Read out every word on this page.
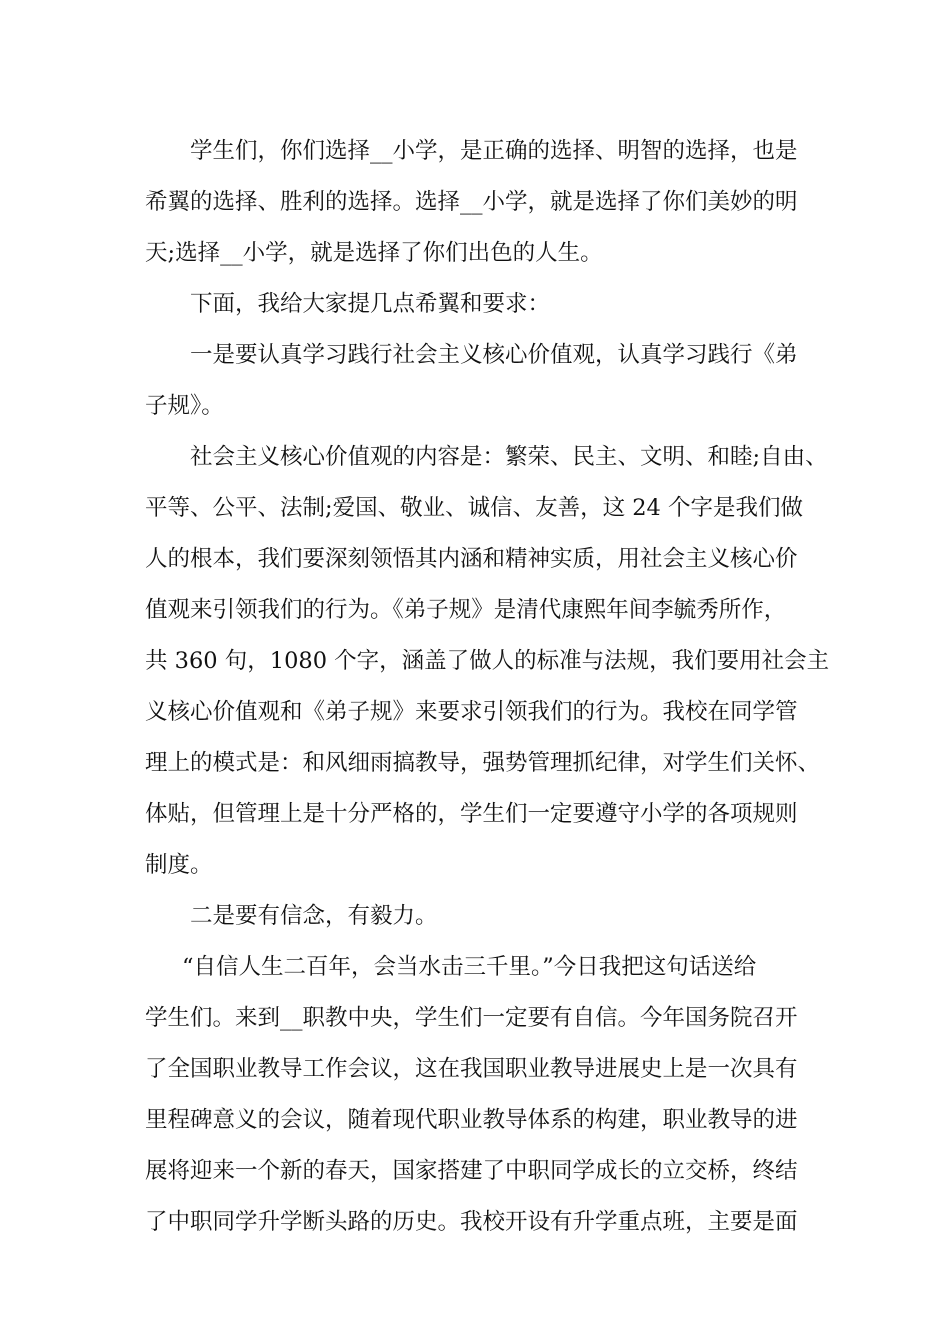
学生们，你们选择__小学，是正确的选择、明智的选择，也是
希翼的选择、胜利的选择。选择__小学，就是选择了你们美妙的明
天;选择__小学，就是选择了你们出色的人生。
下面，我给大家提几点希翼和要求：
一是要认真学习践行社会主义核心价值观，认真学习践行《弟
子规》。
社会主义核心价值观的内容是：繁荣、民主、文明、和睦;自由、
平等、公平、法制;爱国、敬业、诚信、友善，这 24 个字是我们做
人的根本，我们要深刻领悟其内涵和精神实质，用社会主义核心价
值观来引领我们的行为。《弟子规》是清代康熙年间李毓秀所作，
共 360 句，1080 个字，涵盖了做人的标准与法规，我们要用社会主
义核心价值观和《弟子规》来要求引领我们的行为。我校在同学管
理上的模式是：和风细雨搞教导，强势管理抓纪律，对学生们关怀、
体贴，但管理上是十分严格的，学生们一定要遵守小学的各项规则
制度。
二是要有信念，有毅力。
“自信人生二百年，会当水击三千里。”今日我把这句话送给
学生们。来到__职教中央，学生们一定要有自信。今年国务院召开
了全国职业教导工作会议，这在我国职业教导进展史上是一次具有
里程碑意义的会议，随着现代职业教导体系的构建，职业教导的进
展将迎来一个新的春天，国家搭建了中职同学成长的立交桥，终结
了中职同学升学断头路的历史。我校开设有升学重点班，主要是面
